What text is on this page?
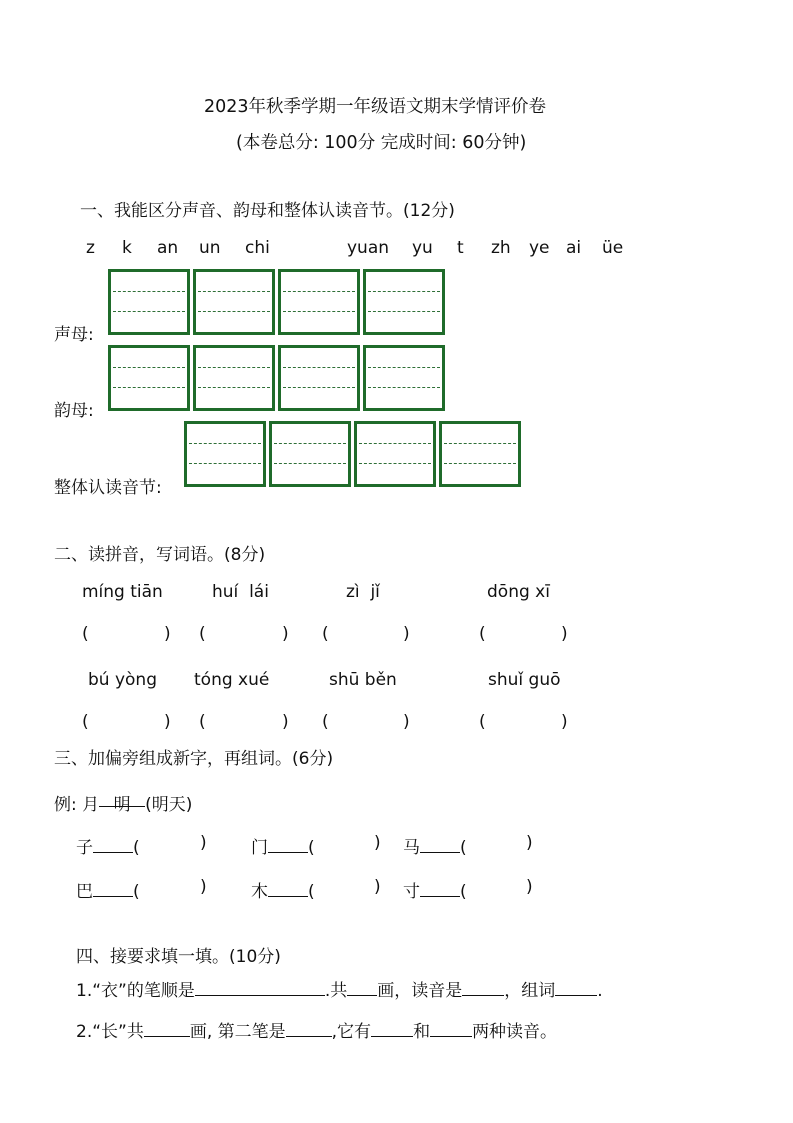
2023年秋季学期一年级语文期末学情评价卷
(本卷总分: 100分 完成时间: 60分钟)
一、我能区分声音、韵母和整体认读音节。(12分)
z k an un chi	yuan yu t zh ye ai üe
声母:
韵母:
整体认读音节:
二、读拼音，写词语。(8分)
míng tiān	huí  lái	zì  jǐ	dōng xī
(	) (	) (	)	(	)
bú yòng tóng xué	shū běn	shuǐ guō
(	) (	) (	)	(	)
三、加偏旁组成新字，再组词。(6分)
例: 月 明 (明天)
子 (	)	门 (	) 马 (	)
巴 (	)	木 (	) 寸 (	)
四、接要求填一填。(10分)
1.“衣”的笔顺是	.共 画，读音是 ，组词 .
2.“长”共	画, 第二笔是	,它有 和 两种读音。
